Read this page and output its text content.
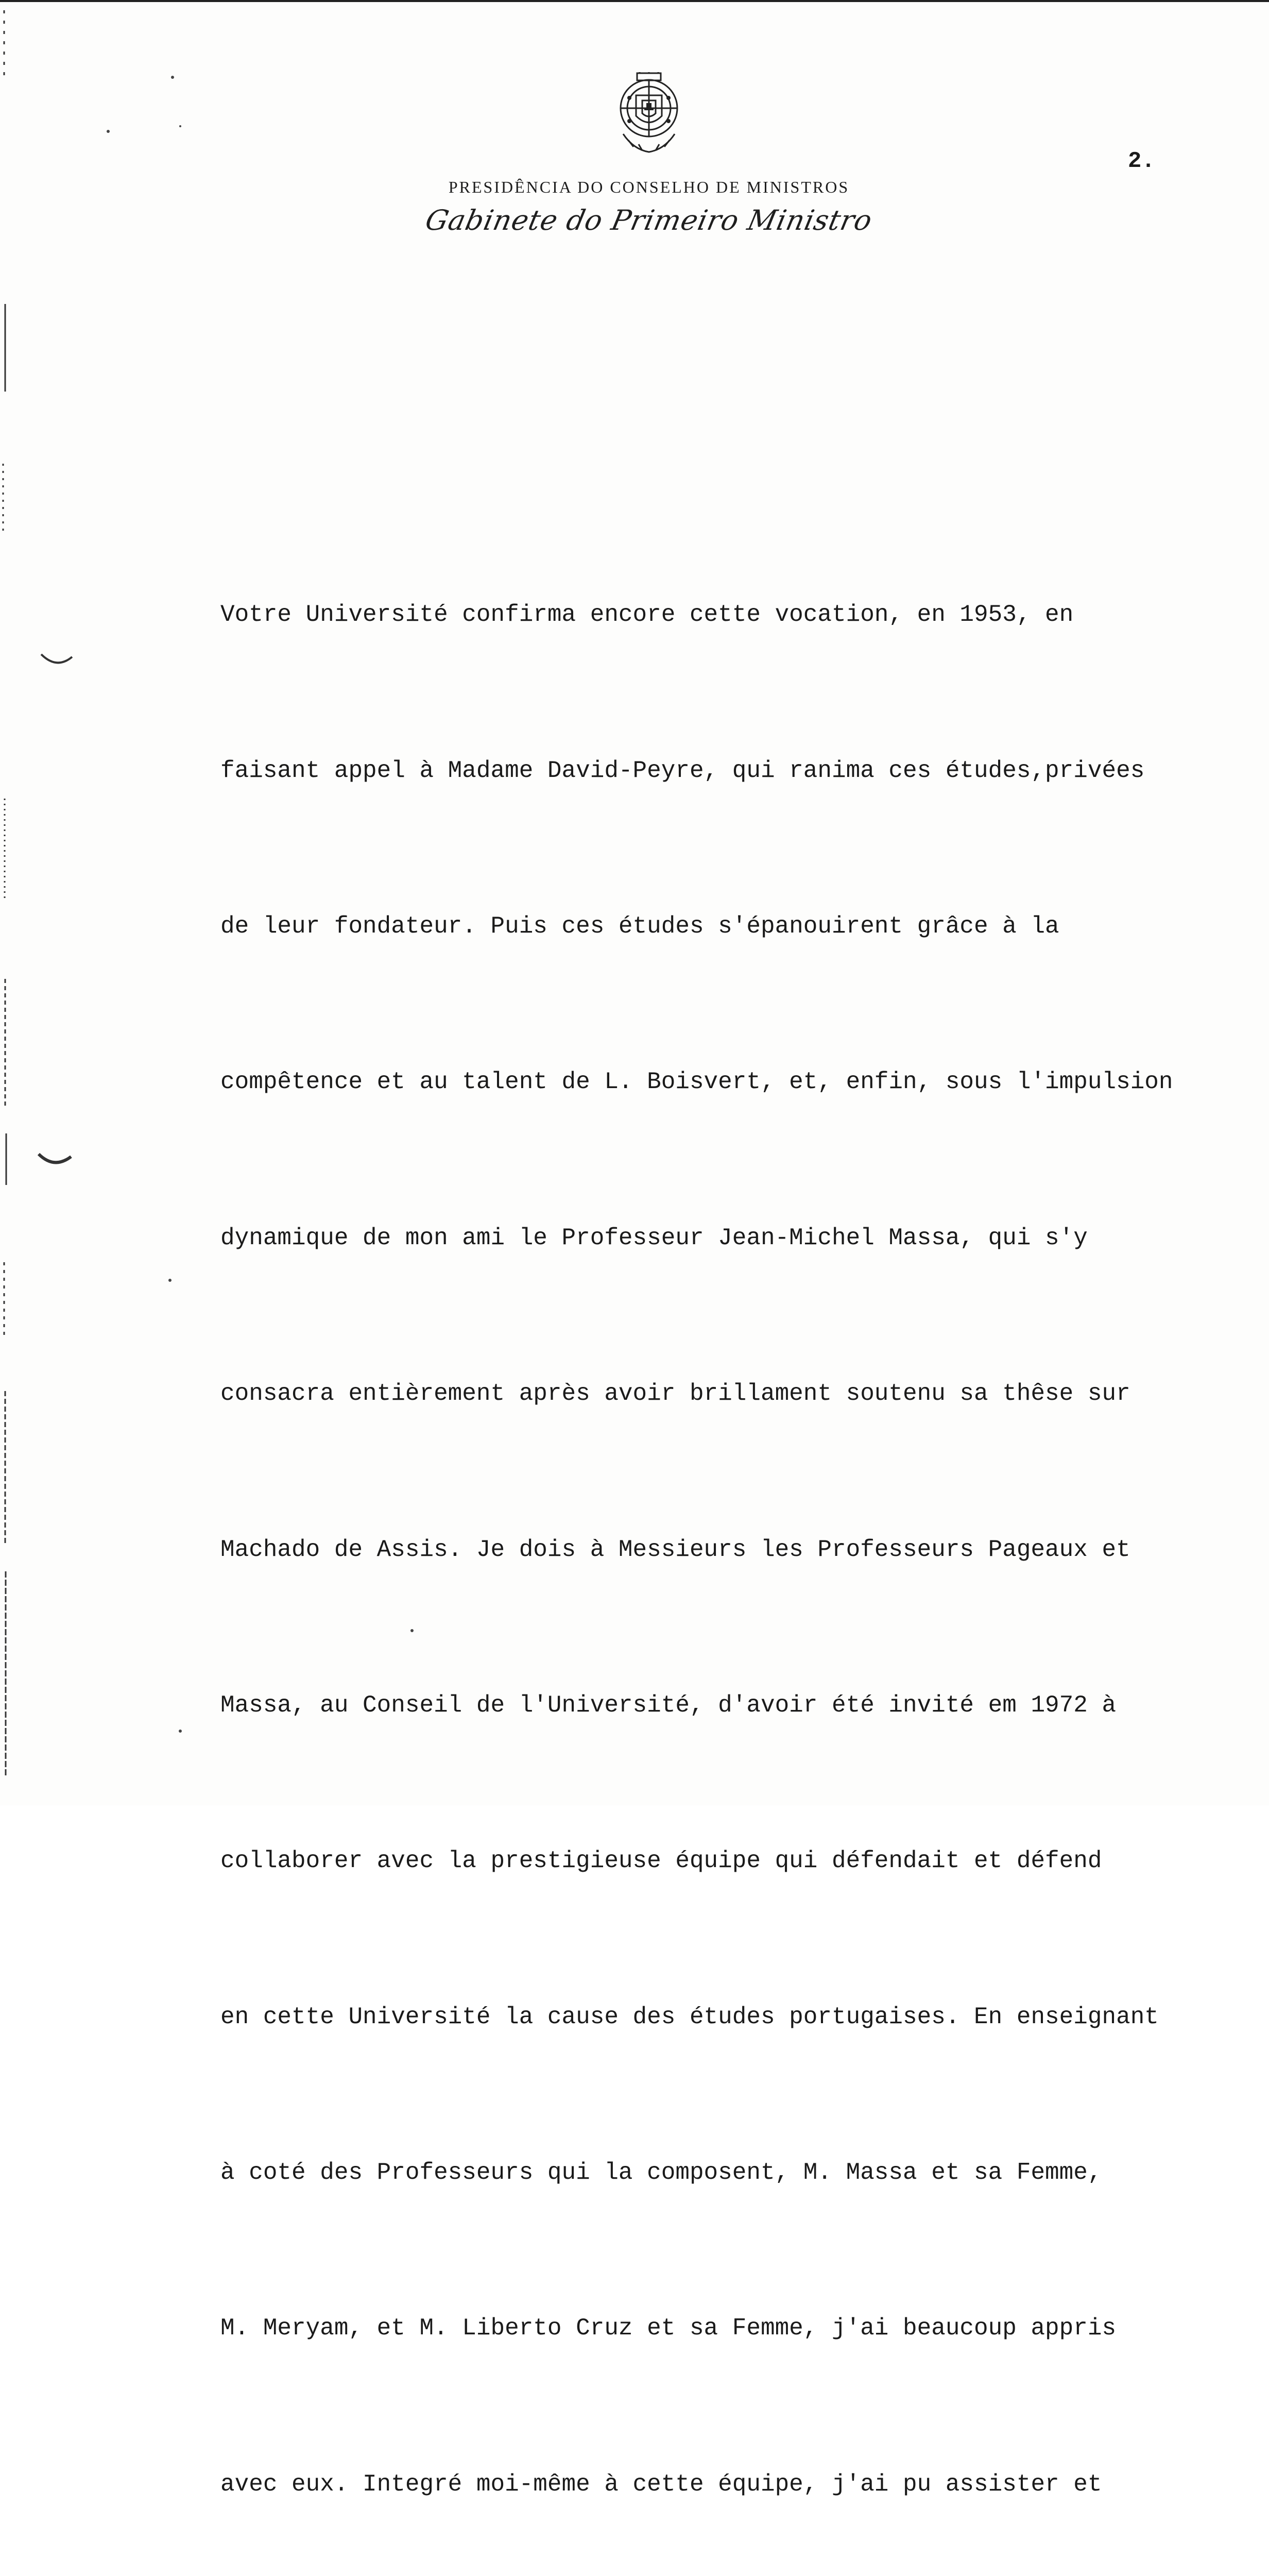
PRESIDÊNCIA DO CONSELHO DE MINISTROS
Gabinete do Primeiro Ministro
2.

Votre Université confirma encore cette vocation, en 1953, en

faisant appel à Madame David-Peyre, qui ranima ces études,privées

de leur fondateur. Puis ces études s'épanouirent grâce à la

compêtence et au talent de L. Boisvert, et, enfin, sous l'impulsion

dynamique de mon ami le Professeur Jean-Michel Massa, qui s'y

consacra entièrement après avoir brillament soutenu sa thêse sur

Machado de Assis. Je dois à Messieurs les Professeurs Pageaux et

Massa, au Conseil de l'Université, d'avoir été invité em 1972 à

collaborer avec la prestigieuse équipe qui défendait et défend

en cette Université la cause des études portugaises. En enseignant

à coté des Professeurs qui la composent, M. Massa et sa Femme,

M. Meryam, et M. Liberto Cruz et sa Femme, j'ai beaucoup appris

avec eux. Integré moi-même à cette équipe, j'ai pu assister et
